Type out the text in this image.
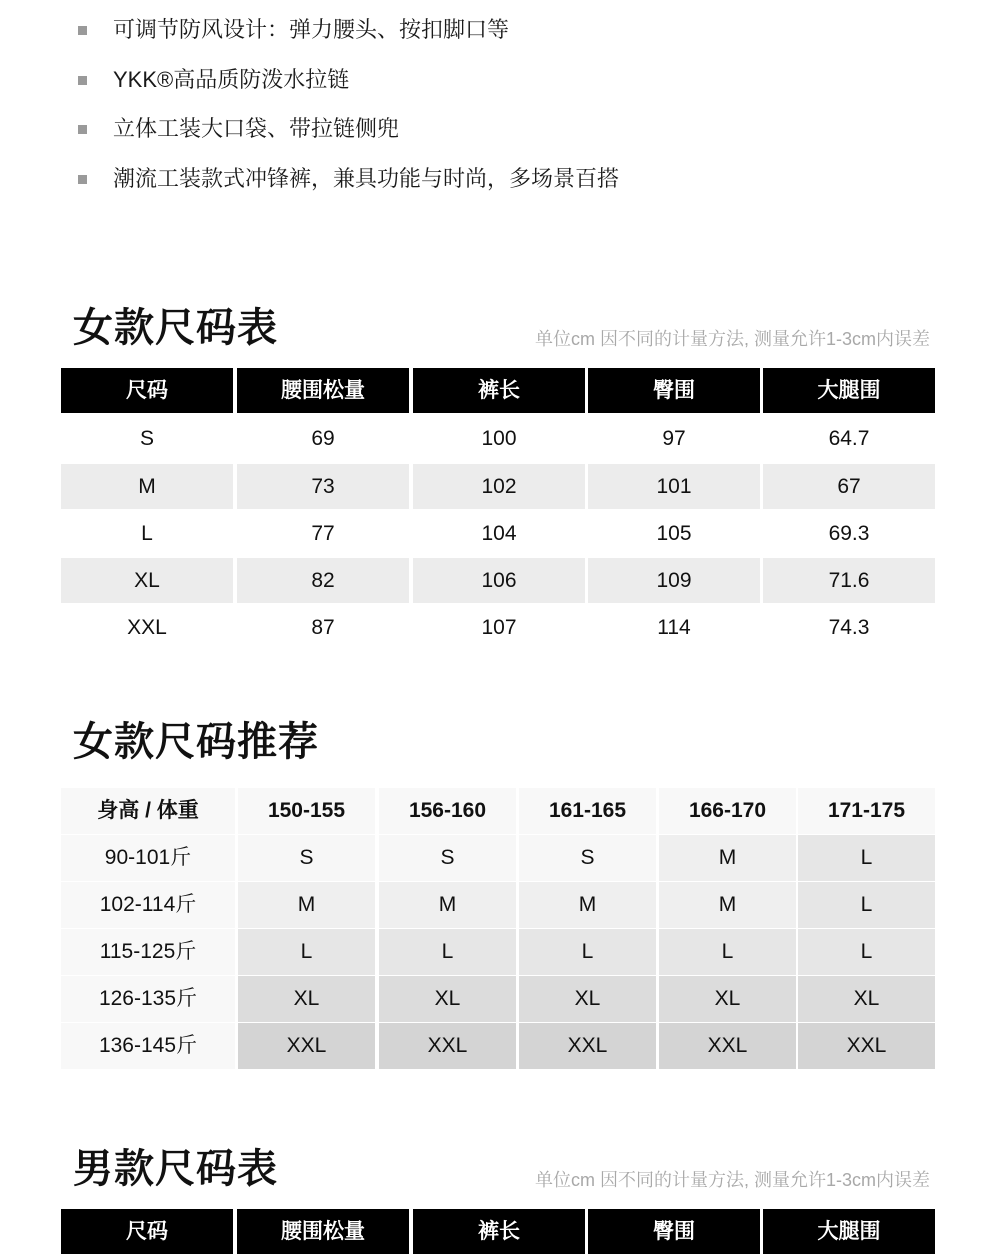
可调节防风设计：弹力腰头、按扣脚口等
YKK®高品质防泼水拉链
立体工装大口袋、带拉链侧兜
潮流工装款式冲锋裤，兼具功能与时尚，多场景百搭
女款尺码表	单位cm 因不同的计量方法, 测量允许1-3cm内误差
尺码	腰围松量	裤长	臀围	大腿围
S	69	100	97	64.7
M	73	102	101	67
L	77	104	105	69.3
XL	82	106	109	71.6
XXL	87	107	114	74.3
女款尺码推荐
身高 / 体重	150-155	156-160	161-165	166-170	171-175
90-101斤	S	S	S	M	L
102-114斤	M	M	M	M	L
115-125斤	L	L	L	L	L
126-135斤	XL	XL	XL	XL	XL
136-145斤	XXL	XXL	XXL	XXL	XXL
男款尺码表	单位cm 因不同的计量方法, 测量允许1-3cm内误差
尺码	腰围松量	裤长	臀围	大腿围
